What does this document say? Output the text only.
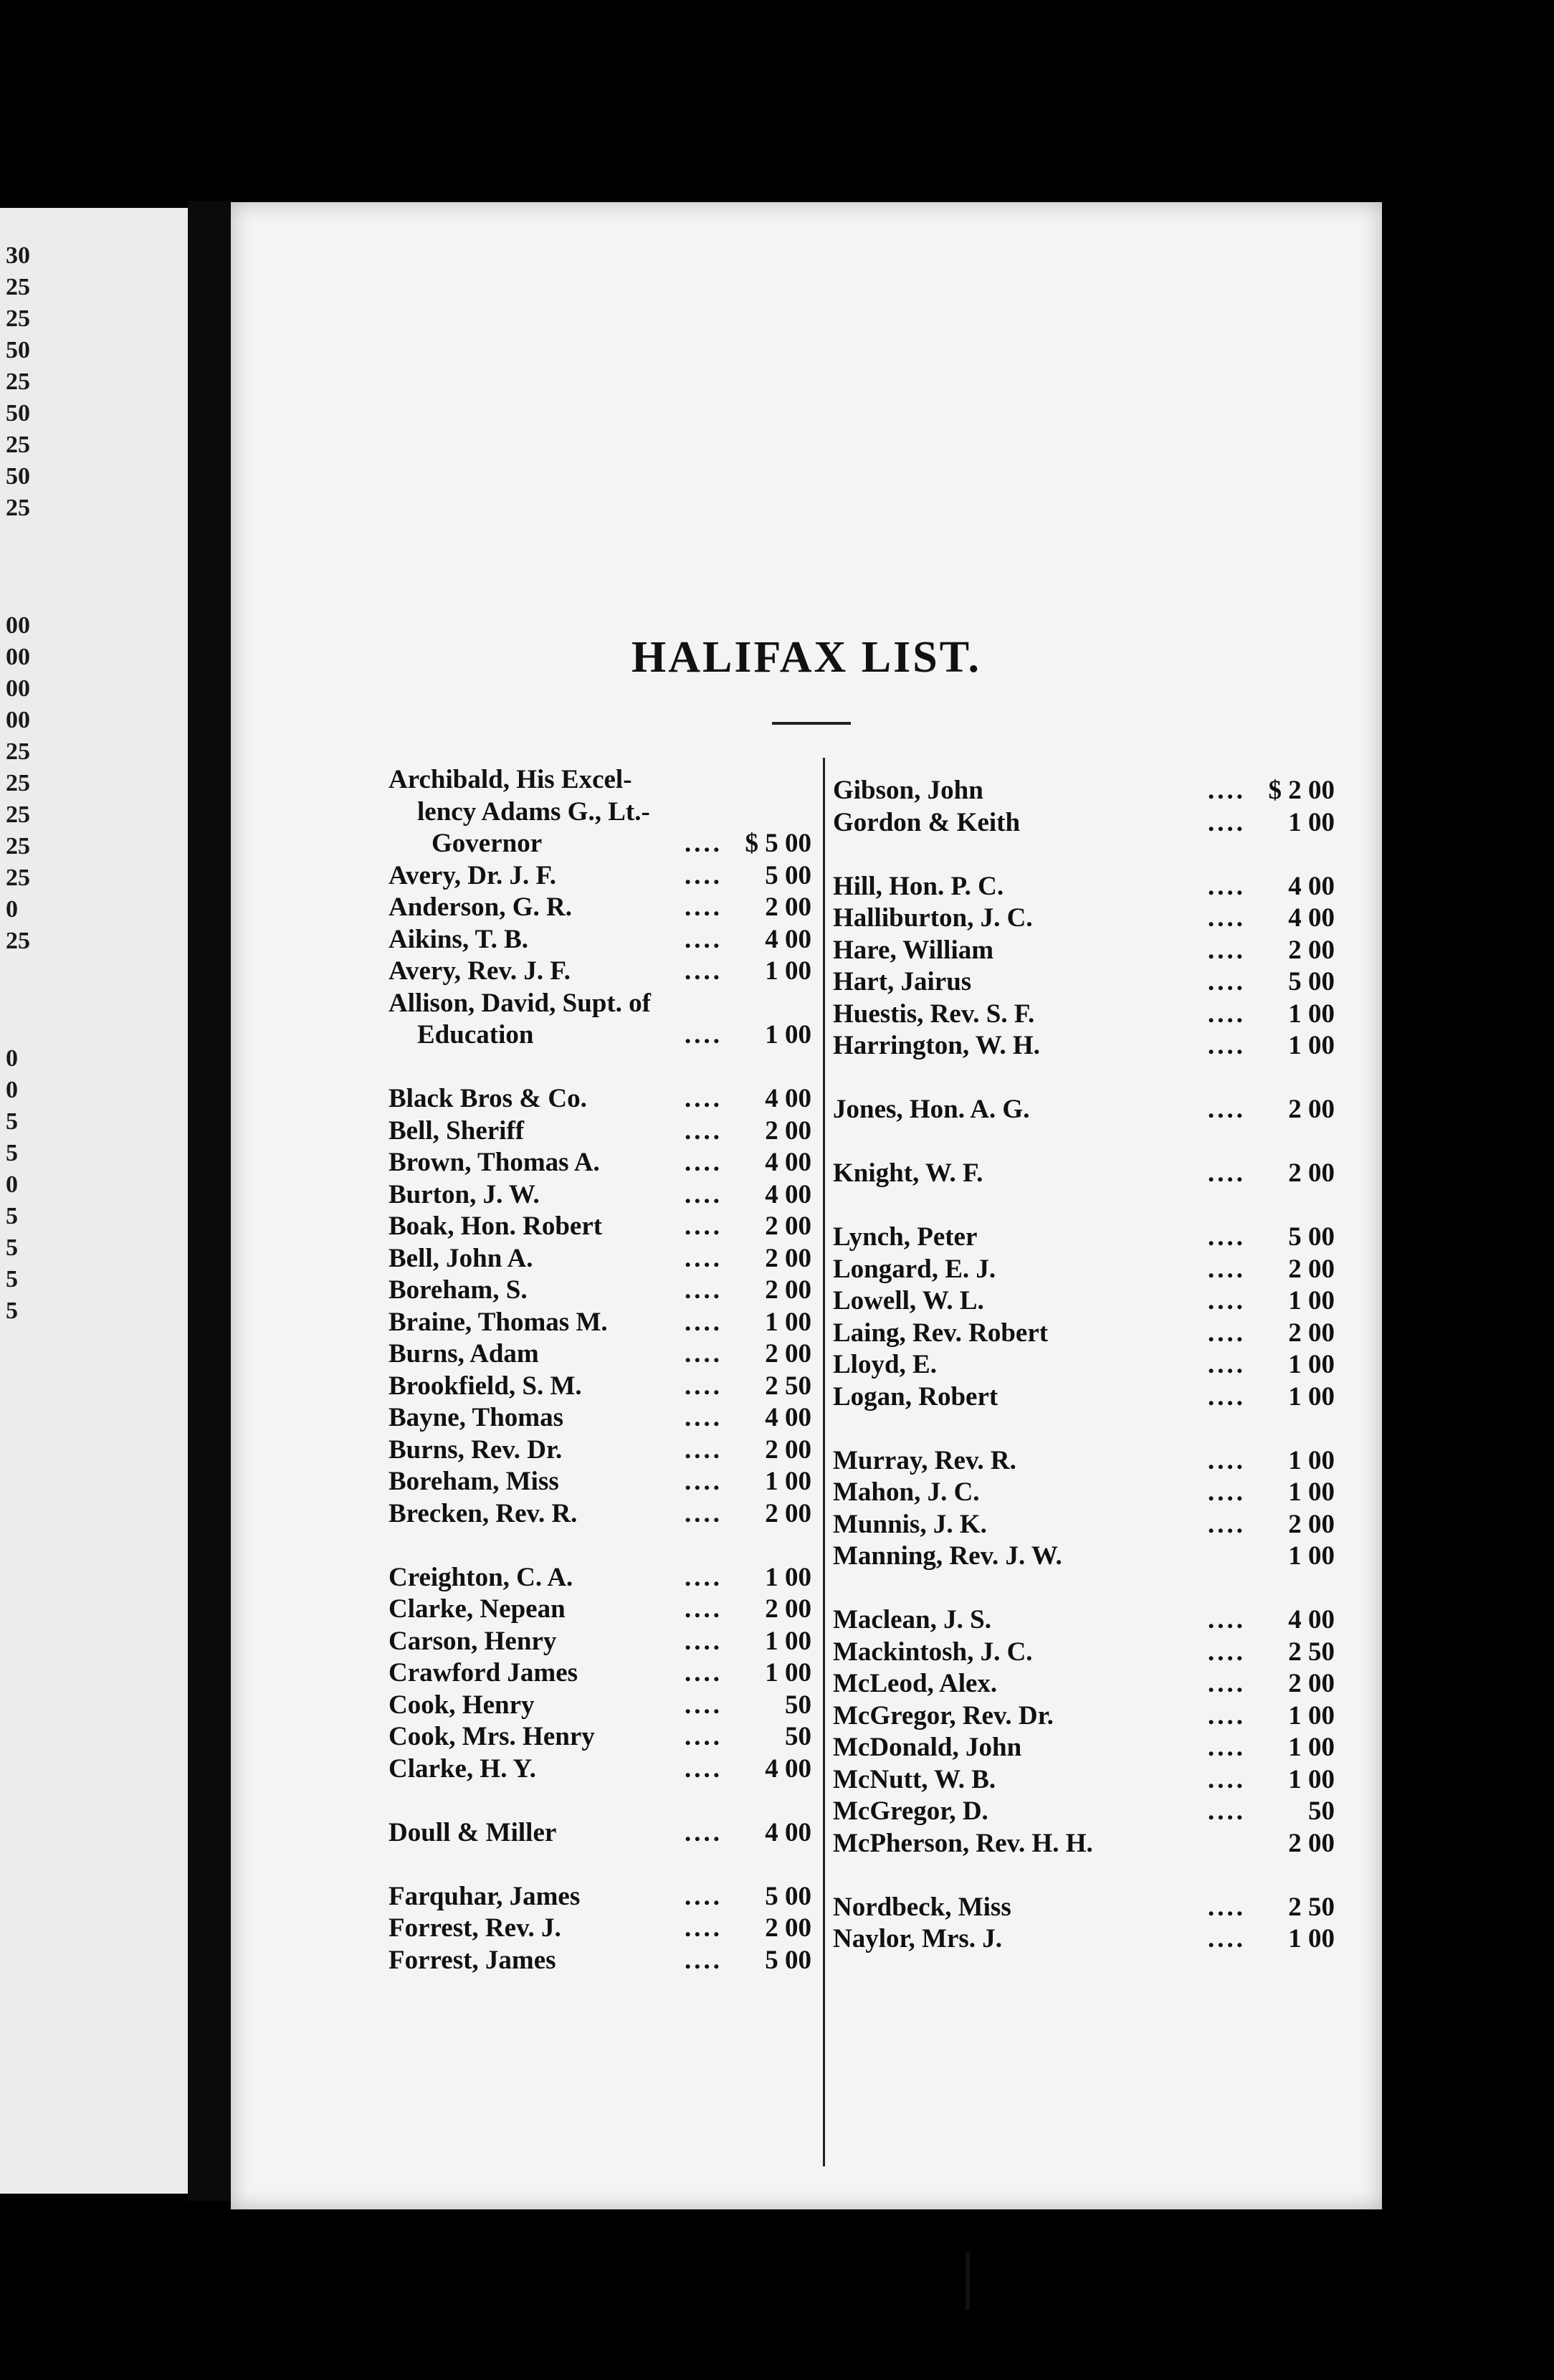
30
25
25
50
25
50
25
50
25
00
00
00
00
25
25
25
25
25
0
25
0
0
5
5
0
5
5
5
5
HALIFAX LIST.
Archibald, His Excel-
lency Adams G., Lt.-
Governor	.... $ 5 00
Avery, Dr. J. F.	....	5 00
Anderson, G. R.	....	2 00
Aikins, T. B.	....	4 00
Avery, Rev. J. F.	....	1 00
Allison, David, Supt. of
Education	....	1 00
Black Bros & Co.	....	4 00
Bell, Sheriff	....	2 00
Brown, Thomas A.	....	4 00
Burton, J. W.	....	4 00
Boak, Hon. Robert	....	2 00
Bell, John A.	....	2 00
Boreham, S.	....	2 00
Braine, Thomas M.	....	1 00
Burns, Adam	....	2 00
Brookfield, S. M.	....	2 50
Bayne, Thomas	....	4 00
Burns, Rev. Dr.	....	2 00
Boreham, Miss	....	1 00
Brecken, Rev. R.	....	2 00
Creighton, C. A.	....	1 00
Clarke, Nepean	....	2 00
Carson, Henry	....	1 00
Crawford James	....	1 00
Cook, Henry	....	50
Cook, Mrs. Henry	....	50
Clarke, H. Y.	....	4 00
Doull & Miller	....	4 00
Farquhar, James	....	5 00
Forrest, Rev. J.	....	2 00
Forrest, James	....	5 00
Gibson, John	.... $ 2 00
Gordon & Keith	....	1 00
Hill, Hon. P. C.	....	4 00
Halliburton, J. C.	....	4 00
Hare, William	....	2 00
Hart, Jairus	....	5 00
Huestis, Rev. S. F.	....	1 00
Harrington, W. H.	....	1 00
Jones, Hon. A. G.	....	2 00
Knight, W. F.	....	2 00
Lynch, Peter	....	5 00
Longard, E. J.	....	2 00
Lowell, W. L.	....	1 00
Laing, Rev. Robert	....	2 00
Lloyd, E.	....	1 00
Logan, Robert	....	1 00
Murray, Rev. R.	....	1 00
Mahon, J. C.	....	1 00
Munnis, J. K.	....	2 00
Manning, Rev. J. W.	1 00
Maclean, J. S.	....	4 00
Mackintosh, J. C.	....	2 50
McLeod, Alex.	....	2 00
McGregor, Rev. Dr.	....	1 00
McDonald, John	....	1 00
McNutt, W. B.	....	1 00
McGregor, D.	....	50
McPherson, Rev. H. H.	2 00
Nordbeck, Miss	....	2 50
Naylor, Mrs. J.	....	1 00
